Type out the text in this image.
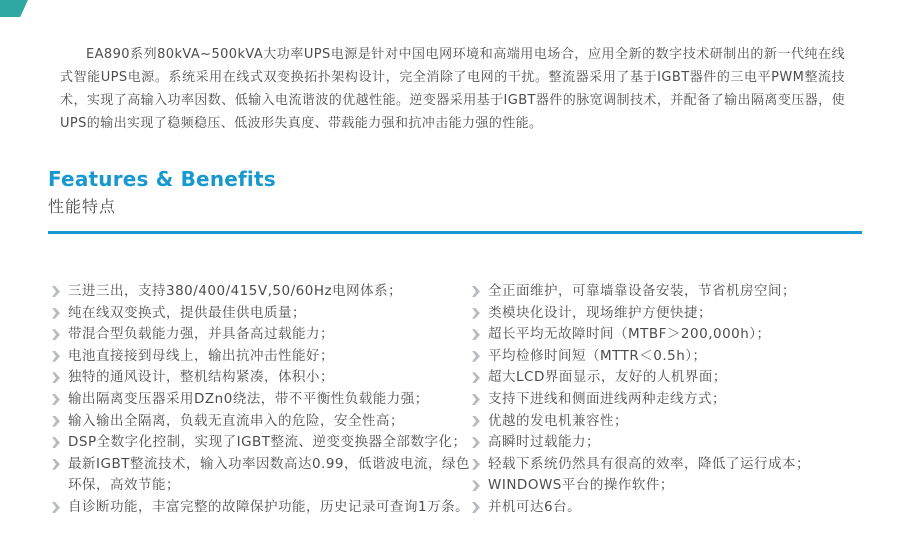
EA890系列80kVA~500kVA大功率UPS电源是针对中国电网环境和高端用电场合，应用全新的数字技术研制出的新一代纯在线式智能UPS电源。系统采用在线式双变换拓扑架构设计，完全消除了电网的干扰。整流器采用了基于IGBT器件的三电平PWM整流技术，实现了高输入功率因数、低输入电流谐波的优越性能。逆变器采用基于IGBT器件的脉宽调制技术，并配备了输出隔离变压器，使UPS的输出实现了稳频稳压、低波形失真度、带载能力强和抗冲击能力强的性能。

Features & Benefits
性能特点
三进三出，支持380/400/415V,50/60Hz电网体系；
纯在线双变换式，提供最佳供电质量；
带混合型负载能力强，并具备高过载能力；
电池直接接到母线上，输出抗冲击性能好；
独特的通风设计，整机结构紧凑，体积小；
输出隔离变压器采用DZn0绕法，带不平衡性负载能力强；
输入输出全隔离，负载无直流串入的危险，安全性高；
DSP全数字化控制，实现了IGBT整流、逆变变换器全部数字化；
最新IGBT整流技术，输入功率因数高达0.99，低谐波电流，绿色环保，高效节能；
自诊断功能，丰富完整的故障保护功能，历史记录可查询1万条。
全正面维护，可靠墙靠设备安装，节省机房空间；
类模块化设计，现场维护方便快捷；
超长平均无故障时间（MTBF＞200,000h）；
平均检修时间短（MTTR＜0.5h）；
超大LCD界面显示，友好的人机界面；
支持下进线和侧面进线两种走线方式；
优越的发电机兼容性；
高瞬时过载能力；
轻载下系统仍然具有很高的效率，降低了运行成本；
WINDOWS平台的操作软件；
并机可达6台。
